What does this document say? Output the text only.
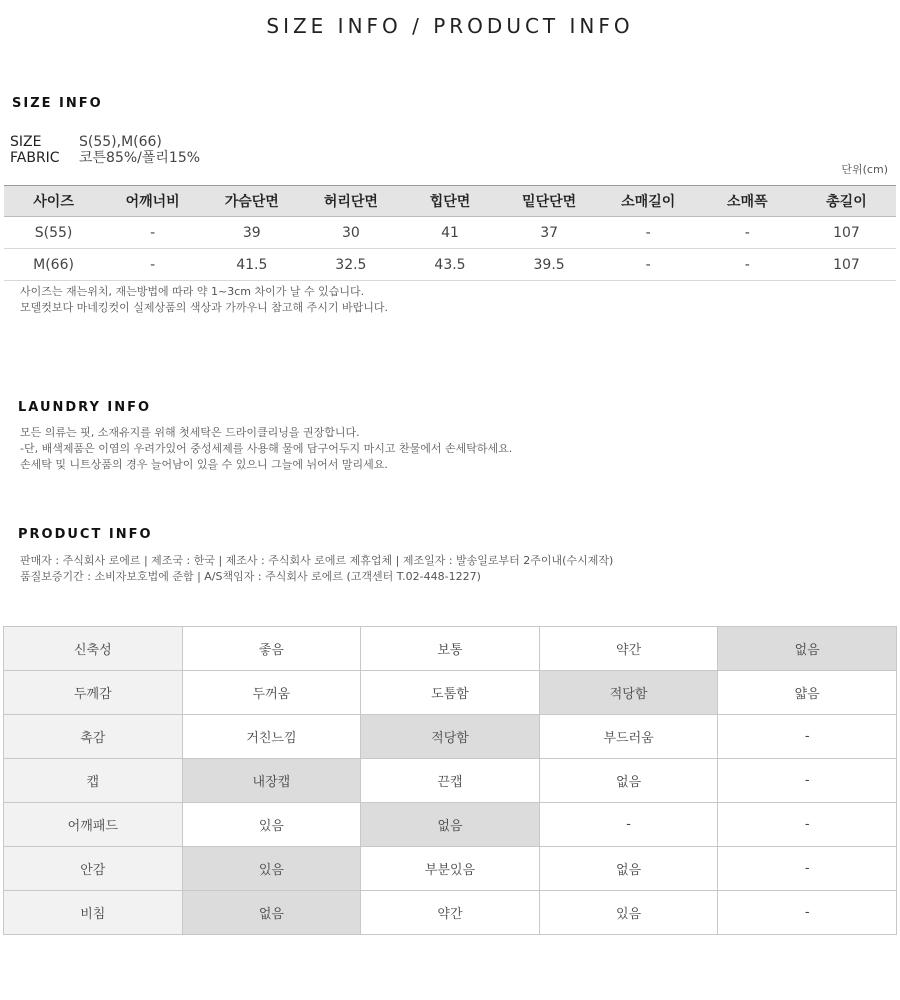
SIZE INFO / PRODUCT INFO
SIZE INFO
SIZE	S(55),M(66)
FABRIC 코튼85%/폴리15%
단위(cm)
사이즈	어깨너비	가슴단면	허리단면	힙단면	밑단단면	소매길이	소매폭	총길이
S(55)	-	39	30	41	37	-	-	107
M(66)	-	41.5	32.5	43.5	39.5	-	-	107
사이즈는 재는위치, 재는방법에 따라 약 1~3cm 차이가 날 수 있습니다.
모델컷보다 마네킹컷이 실제상품의 색상과 가까우니 참고해 주시기 바랍니다.
LAUNDRY INFO
모든 의류는 핏, 소재유지를 위해 첫세탁은 드라이클리닝을 권장합니다.
-단, 배색제품은 이염의 우려가있어 중성세제를 사용해 물에 담구어두지 마시고 찬물에서 손세탁하세요.
손세탁 및 니트상품의 경우 늘어남이 있을 수 있으니 그늘에 뉘어서 말리세요.
PRODUCT INFO
판매자 : 주식회사 로에르 | 제조국 : 한국 | 제조사 : 주식회사 로에르 제휴업체 | 제조일자 : 발송일로부터 2주이내(수시제작)
품질보증기간 : 소비자보호법에 준함 | A/S책임자 : 주식회사 로에르 (고객센터 T.02-448-1227)
신축성	좋음	보통	약간	없음
두께감	두꺼움	도톰함	적당함	얇음
촉감	거친느낌	적당함	부드러움	-
캡	내장캡	끈캡	없음	-
어깨패드	있음	없음	-	-
안감	있음	부분있음	없음	-
비침	없음	약간	있음	-
